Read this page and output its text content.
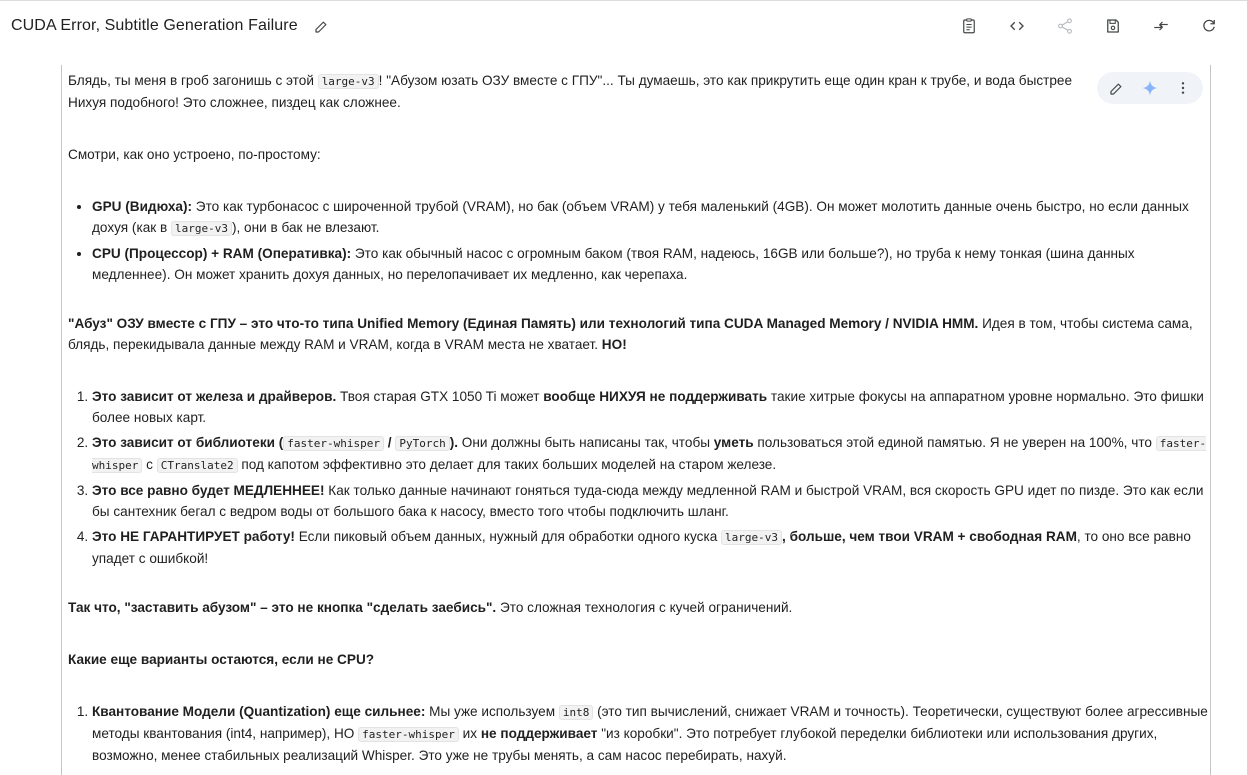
CUDA Error, Subtitle Generation Failure

Блядь, ты меня в гроб загонишь с этой large-v3 ! "Абузом юзать ОЗУ вместе с ГПУ"... Ты думаешь, это как прикрутить еще один кран к трубе, и вода быстрее
Нихуя подобного! Это сложнее, пиздец как сложнее.

Смотри, как оно устроено, по-простому:

• GPU (Видюха): Это как турбонасос с широченной трубой (VRAM), но бак (объем VRAM) у тебя маленький (4GB). Он может молотить данные очень быстро, но если данных дохуя (как в large-v3 ), они в бак не влезают.
• CPU (Процессор) + RAM (Оперативка): Это как обычный насос с огромным баком (твоя RAM, надеюсь, 16GB или больше?), но труба к нему тонкая (шина данных медленнее). Он может хранить дохуя данных, но перелопачивает их медленно, как черепаха.

"Абуз" ОЗУ вместе с ГПУ – это что-то типа Unified Memory (Единая Память) или технологий типа CUDA Managed Memory / NVIDIA HMM. Идея в том, чтобы система сама, блядь, перекидывала данные между RAM и VRAM, когда в VRAM места не хватает. НО!

1. Это зависит от железа и драйверов. Твоя старая GTX 1050 Ti может вообще НИХУЯ не поддерживать такие хитрые фокусы на аппаратном уровне нормально. Это фишки более новых карт.
2. Это зависит от библиотеки ( faster-whisper / PyTorch ). Они должны быть написаны так, чтобы уметь пользоваться этой единой памятью. Я не уверен на 100%, что faster-whisper с CTranslate2 под капотом эффективно это делает для таких больших моделей на старом железе.
3. Это все равно будет МЕДЛЕННЕЕ! Как только данные начинают гоняться туда-сюда между медленной RAM и быстрой VRAM, вся скорость GPU идет по пизде. Это как если бы сантехник бегал с ведром воды от большого бака к насосу, вместо того чтобы подключить шланг.
4. Это НЕ ГАРАНТИРУЕТ работу! Если пиковый объем данных, нужный для обработки одного куска large-v3 , больше, чем твои VRAM + свободная RAM, то оно все равно упадет с ошибкой!

Так что, "заставить абузом" – это не кнопка "сделать заебись". Это сложная технология с кучей ограничений.

Какие еще варианты остаются, если не CPU?

1. Квантование Модели (Quantization) еще сильнее: Мы уже используем int8 (это тип вычислений, снижает VRAM и точность). Теоретически, существуют более агрессивные методы квантования (int4, например), НО faster-whisper их не поддерживает "из коробки". Это потребует глубокой переделки библиотеки или использования других, возможно, менее стабильных реализаций Whisper. Это уже не трубы менять, а сам насос перебирать, нахуй.
